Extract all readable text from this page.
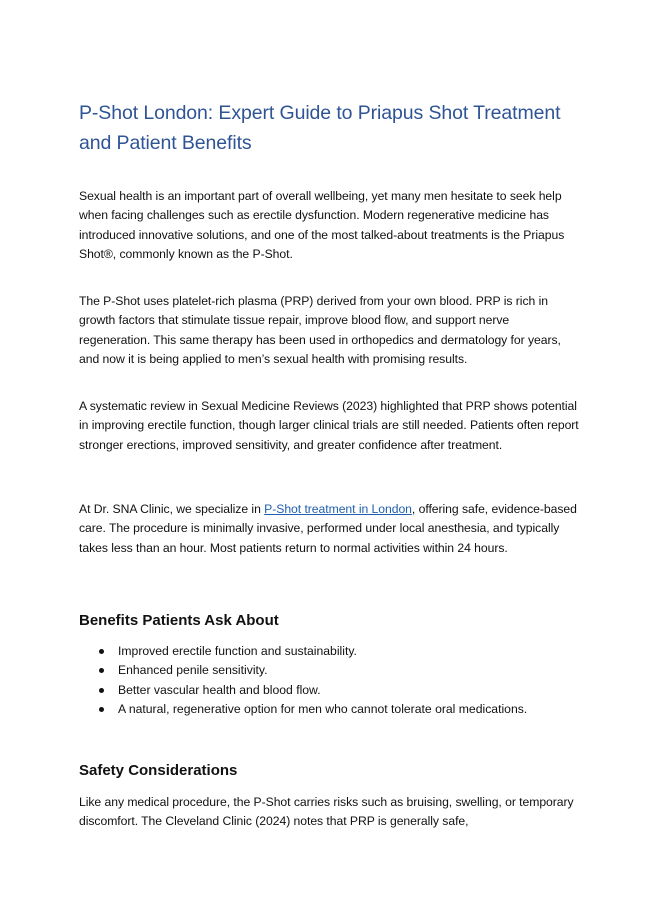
P-Shot London: Expert Guide to Priapus Shot Treatment
and Patient Benefits

Sexual health is an important part of overall wellbeing, yet many men hesitate to seek help when facing challenges such as erectile dysfunction. Modern regenerative medicine has introduced innovative solutions, and one of the most talked-about treatments is the Priapus Shot®, commonly known as the P-Shot.

The P-Shot uses platelet-rich plasma (PRP) derived from your own blood. PRP is rich in growth factors that stimulate tissue repair, improve blood flow, and support nerve regeneration. This same therapy has been used in orthopedics and dermatology for years, and now it is being applied to men’s sexual health with promising results.

A systematic review in Sexual Medicine Reviews (2023) highlighted that PRP shows potential in improving erectile function, though larger clinical trials are still needed. Patients often report stronger erections, improved sensitivity, and greater confidence after treatment.

At Dr. SNA Clinic, we specialize in P-Shot treatment in London, offering safe, evidence-based care. The procedure is minimally invasive, performed under local anesthesia, and typically takes less than an hour. Most patients return to normal activities within 24 hours.

Benefits Patients Ask About
Improved erectile function and sustainability.
Enhanced penile sensitivity.
Better vascular health and blood flow.
A natural, regenerative option for men who cannot tolerate oral medications.
Safety Considerations

Like any medical procedure, the P-Shot carries risks such as bruising, swelling, or temporary discomfort. The Cleveland Clinic (2024) notes that PRP is generally safe,
